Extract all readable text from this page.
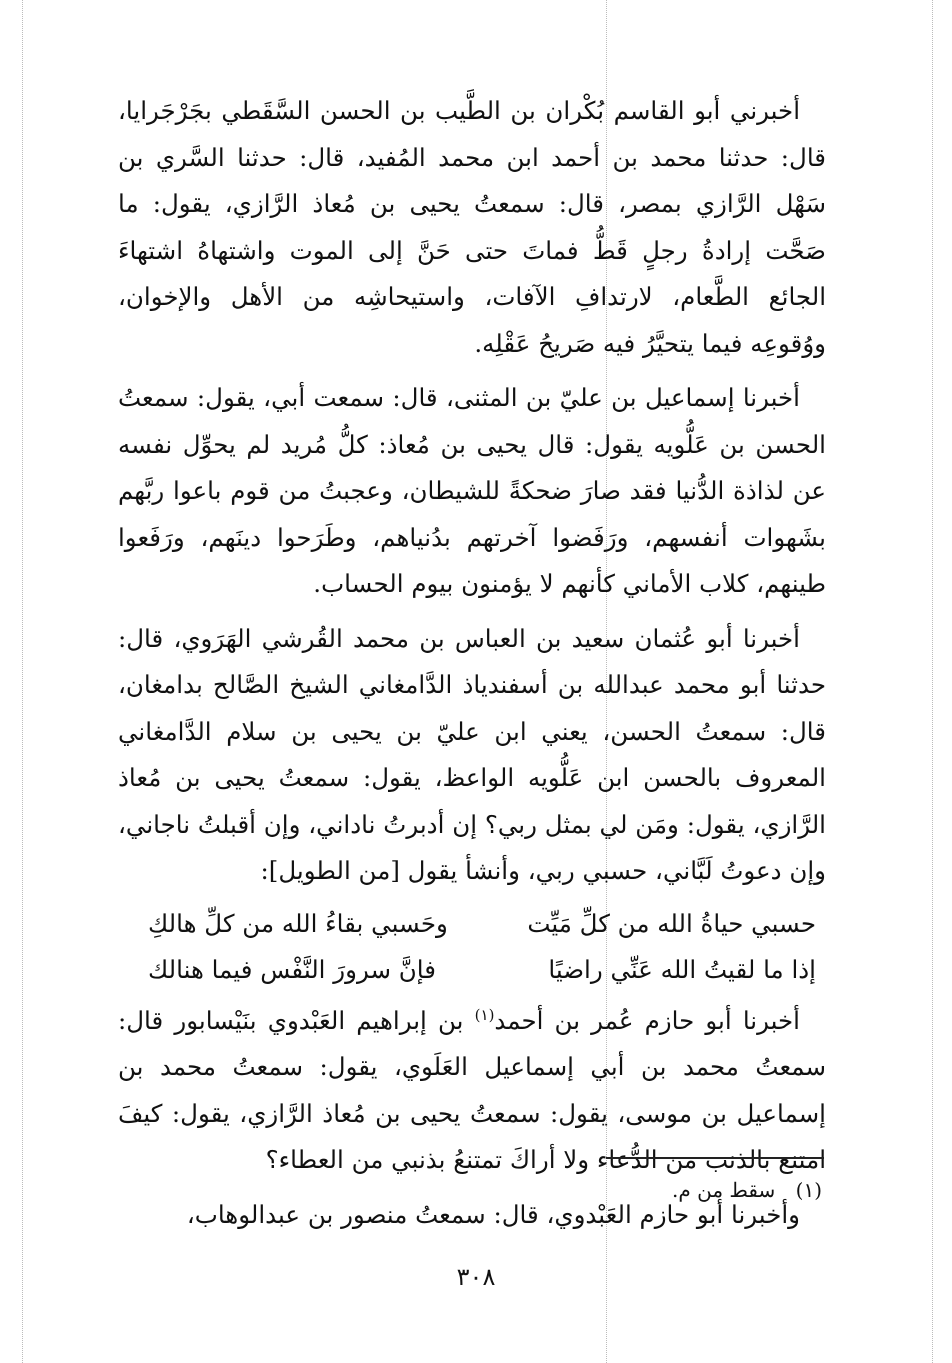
أخبرني أبو القاسم بُكْران بن الطَّيب بن الحسن السَّقَطي بجَرْجَرايا، قال: حدثنا محمد بن أحمد ابن محمد المُفيد، قال: حدثنا السَّري بن سَهْل الرَّازي بمصر، قال: سمعتُ يحيى بن مُعاذ الرَّازي، يقول: ما صَحَّت إرادةُ رجلٍ قَطُّ فماتَ حتى حَنَّ إلى الموت واشتهاهُ اشتهاءَ الجائع الطَّعام، لارتدافِ الآفات، واستيحاشِه من الأهل والإخوان، ووُقوعِه فيما يتحيَّرُ فيه صَريحُ عَقْلِه.

أخبرنا إسماعيل بن عليّ بن المثنى، قال: سمعت أبي، يقول: سمعتُ الحسن بن عَلُّويه يقول: قال يحيى بن مُعاذ: كلُّ مُريد لم يحوِّل نفسه عن لذاذة الدُّنيا فقد صارَ ضحكةً للشيطان، وعجبتُ من قوم باعوا ربَّهم بشَهوات أنفسهم، ورَفَضوا آخرتهم بدُنياهم، وطَرَحوا دينَهم، ورَفَعوا طينهم، كلاب الأماني كأنهم لا يؤمنون بيوم الحساب.

أخبرنا أبو عُثمان سعيد بن العباس بن محمد القُرشي الهَرَوي، قال: حدثنا أبو محمد عبدالله بن أسفندياذ الدَّامغاني الشيخ الصَّالح بدامغان، قال: سمعتُ الحسن، يعني ابن عليّ بن يحيى بن سلام الدَّامغاني المعروف بالحسن ابن عَلُّويه الواعظ، يقول: سمعتُ يحيى بن مُعاذ الرَّازي، يقول: ومَن لي بمثل ربي؟ إن أدبرتُ ناداني، وإن أقبلتُ ناجاني، وإن دعوتُ لَبَّاني، حسبي ربي، وأنشأ يقول [من الطويل]:

حسبي حياةُ الله من كلِّ مَيِّت
وحَسبي بقاءُ الله من كلِّ هالكِ
إذا ما لقيتُ الله عَنِّي راضيًا
فإنَّ سرورَ النَّفْس فيما هنالك

أخبرنا أبو حازم عُمر بن أحمد$^{(١)}$ بن إبراهيم العَبْدوي بنَيْسابور قال: سمعتُ محمد بن أبي إسماعيل العَلَوي، يقول: سمعتُ محمد بن إسماعيل بن موسى، يقول: سمعتُ يحيى بن مُعاذ الرَّازي، يقول: كيفَ امتنع بالذنب من الدُّعاء ولا أراكَ تمتنعُ بذنبي من العطاء؟

وأخبرنا أبو حازم العَبْدوي، قال: سمعتُ منصور بن عبدالوهاب،

(١) سقط من م.
٣٠٨
